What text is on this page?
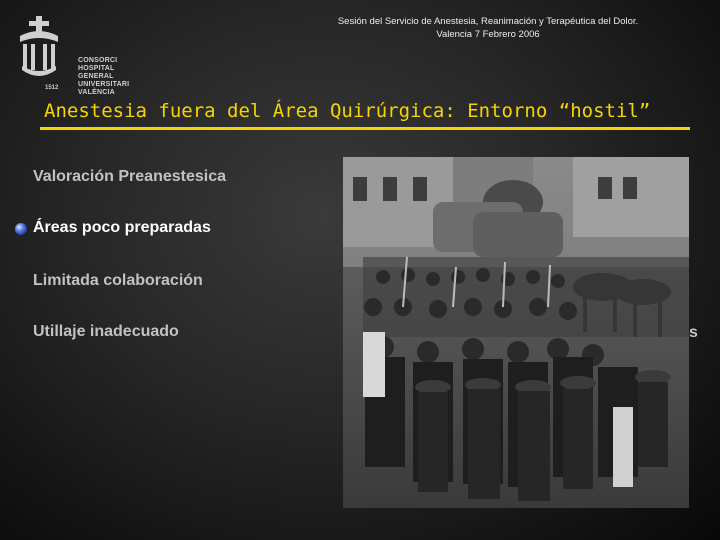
CONSORCI
HOSPITAL GENERAL
UNIVERSITARI
VALÈNCIA
1512
Sesión del Servicio de Anestesia, Reanimación y Terapéutica del Dolor.
Valencia 7 Febrero 2006
Anestesia fuera del Área Quirúrgica: Entorno “hostil”
Valoración Preanestesica
Áreas poco preparadas
Limitada colaboración
Utillaje inadecuado	s
